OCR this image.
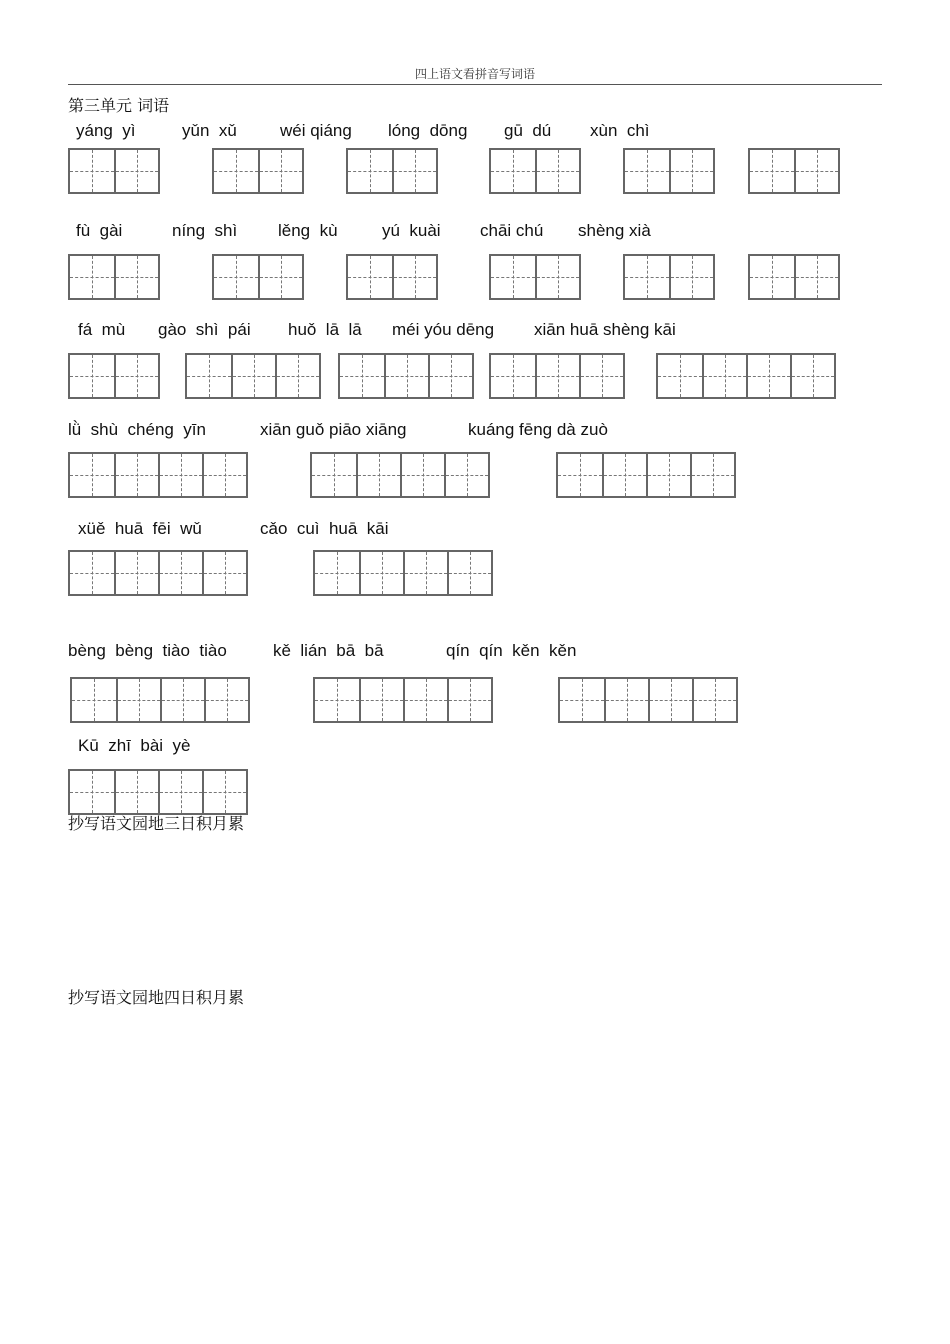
四上语文看拼音写词语
第三单元 词语
yáng  yì	yǔn  xǔ	wéi qiáng lóng  dōng gū  dú xùn  chì
fù  gài	níng  shì lěng  kù	yú  kuài chāi chú shèng xià
fá  mù gào  shì  pái huǒ  lā  lā méi yóu dēng xiān huā shèng kāi
lǜ  shù  chéng  yīn	xiān guǒ piāo xiāng	kuáng fēng dà zuò
xüě  huā  fēi  wǔ	cǎo  cuì  huā  kāi
bèng  bèng  tiào  tiào	kě  lián  bā  bā	qín  qín  kěn  kěn
Kū  zhī  bài  yè
抄写语文园地三日积月累
抄写语文园地四日积月累
